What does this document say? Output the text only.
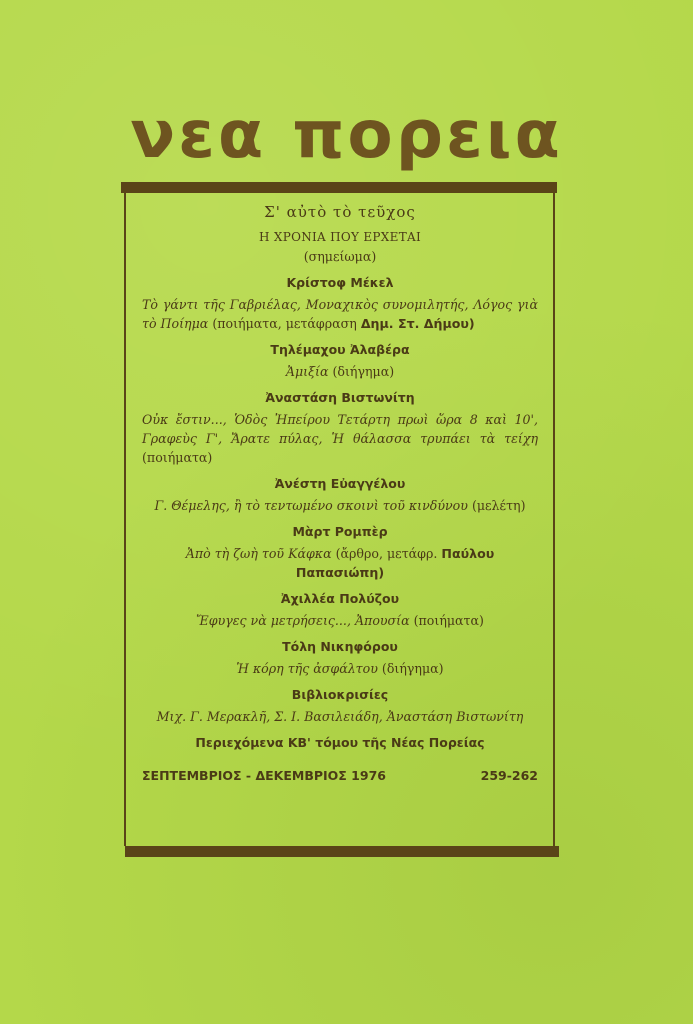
νεα πορεια
Σ' αὐτὸ τὸ τεῦχος
Η ΧΡΟΝΙΑ ΠΟΥ ΕΡΧΕΤΑΙ
(σημείωμα)
Κρίστοφ Μέκελ
Τὸ γάντι τῆς Γαβριέλας, Μοναχικὸς συνομιλητής, Λόγος γιὰ τὸ Ποίημα (ποιήματα, μετάφραση Δημ. Στ. Δήμου)
Τηλέμαχου Ἀλαβέρα
Ἀμιξία (διήγημα)
Ἀναστάση Βιστωνίτη
Οὐκ ἔστιν..., Ὁδὸς Ἠπείρου Τετάρτη πρωὶ ὥρα 8 καὶ 10', Γραφεὺς Γ', Ἄρατε πύλας, Ἡ θάλασσα τρυπάει τὰ τείχη (ποιήματα)
Ἀνέστη Εὐαγγέλου
Γ. Θέμελης, ἢ τὸ τεντωμένο σκοινὶ τοῦ κινδύνου (μελέτη)
Μὰρτ Ρομπὲρ
Ἀπὸ τὴ ζωὴ τοῦ Κάφκα (ἄρθρο, μετάφρ. Παύλου Παπασιώπη)
Ἀχιλλέα Πολύζου
Ἔφυγες νὰ μετρήσεις..., Ἀπουσία (ποιήματα)
Τόλη Νικηφόρου
Ἡ κόρη τῆς ἀσφάλτου (διήγημα)
Βιβλιοκρισίες
Μιχ. Γ. Μερακλῆ, Σ. Ι. Βασιλειάδη, Ἀναστάση Βιστωνίτη
Περιεχόμενα ΚΒ' τόμου τῆς Νέας Πορείας
ΣΕΠΤΕΜΒΡΙΟΣ - ΔΕΚΕΜΒΡΙΟΣ 1976	259-262
